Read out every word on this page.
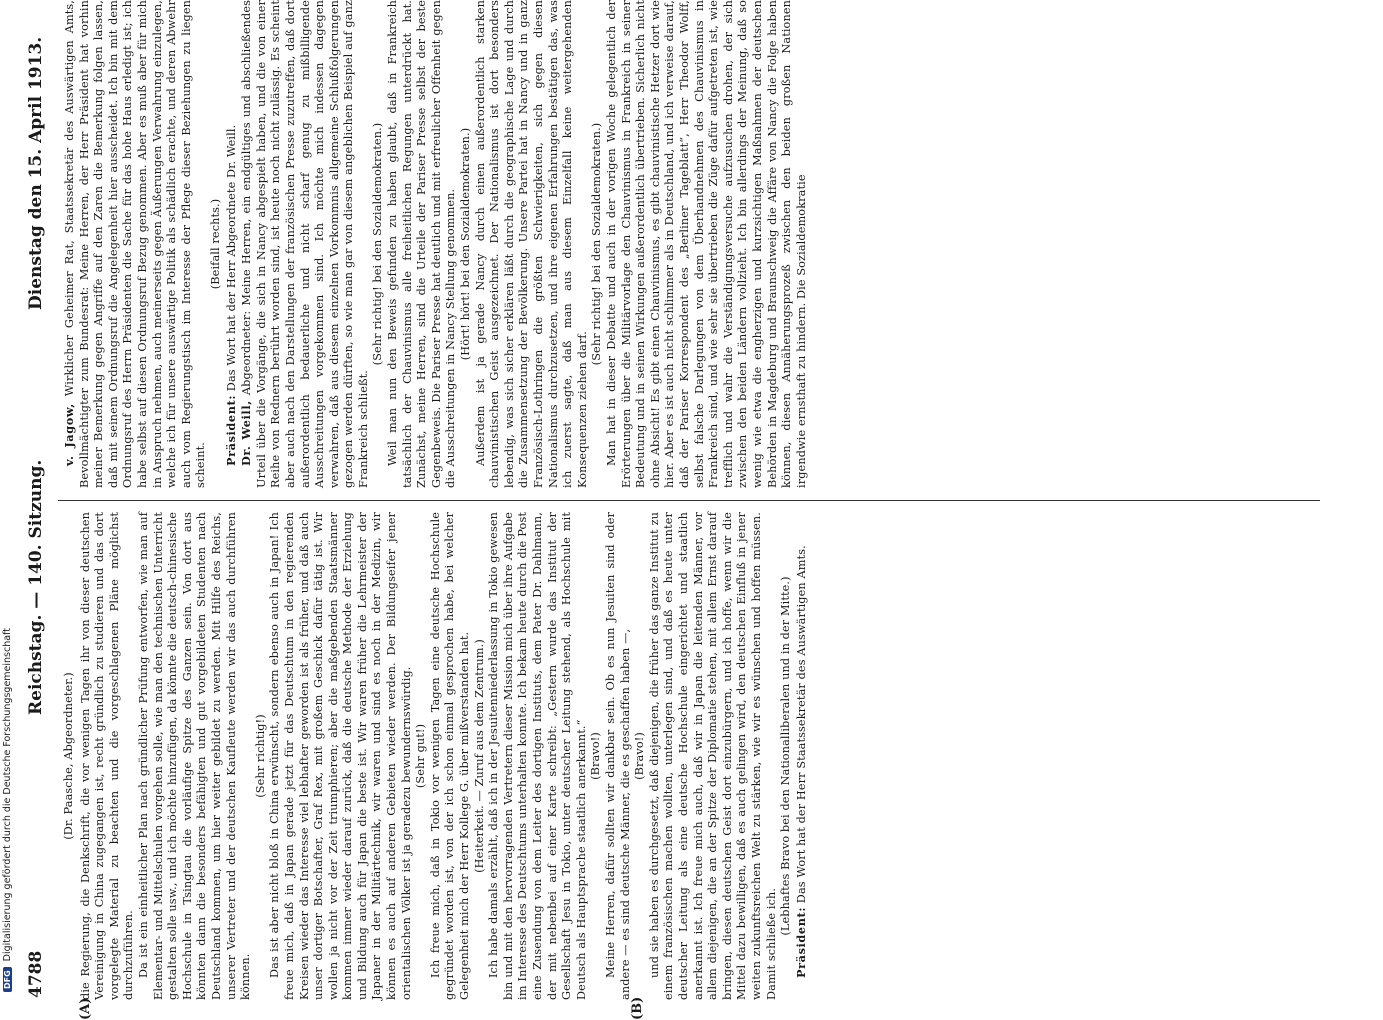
DFGDigitalisierung gefördert durch die Deutsche Forschungsgemeinschaft
4788
Reichstag. — 140. Sitzung.
Dienstag den 15. April 1913.
(A)	(B)

(Dr. Paasche, Abgeordneter.) die Regierung, die Denkschrift, die vor wenigen Tagen ihr von dieser deutschen Vereinigung in China zugegangen ist, recht gründlich zu studieren und das dort vorgelegte Material zu beachten und die vorgeschlagenen Pläne möglichst durchzuführen. Da ist ein einheitlicher Plan nach gründlicher Prüfung entworfen, wie man auf Elementar- und Mittelschulen vorgehen solle, wie man den technischen Unterricht gestalten solle usw., und ich möchte hinzufügen, da könnte die deutsch-chinesische Hochschule in Tsingtau die vorläufige Spitze des Ganzen sein. Von dort aus könnten dann die besonders befähigten und gut vorgebildeten Studenten nach Deutschland kommen, um hier weiter gebildet zu werden. Mit Hilfe des Reichs, unserer Vertreter und der deutschen Kaufleute werden wir das auch durchführen können.

(Sehr richtig!) Das ist aber nicht bloß in China erwünscht, sondern ebenso auch in Japan! Ich freue mich, daß in Japan gerade jetzt für das Deutschtum in den regierenden Kreisen wieder das Interesse viel lebhafter geworden ist als früher, und daß auch unser dortiger Botschafter, Graf Rex, mit großem Geschick dafür tätig ist. Wir wollen ja nicht vor der Zeit triumphieren; aber die maßgebenden Staatsmänner kommen immer wieder darauf zurück, daß die deutsche Methode der Erziehung und Bildung auch für Japan die beste ist. Wir waren früher die Lehrmeister der Japaner in der Militärtechnik, wir waren und sind es noch in der Medizin, wir können es auch auf anderen Gebieten wieder werden. Der Bildungseifer jener orientalischen Völker ist ja geradezu bewundernswürdig. (Sehr gut!) Ich freue mich, daß in Tokio vor wenigen Tagen eine deutsche Hochschule gegründet worden ist, von der ich schon einmal gesprochen habe, bei welcher Gelegenheit mich der Herr Kollege G. über mißverstanden hat. (Heiterkeit. — Zuruf aus dem Zentrum.) Ich habe damals erzählt, daß ich in der Jesuitenniederlassung in Tokio gewesen bin und mit den hervorragenden Vertretern dieser Mission mich über ihre Aufgabe im Interesse des Deutschtums unterhalten konnte. Ich bekam heute durch die Post eine Zusendung von dem Leiter des dortigen Instituts, dem Pater Dr. Dahlmann, der mit nebenbei auf einer Karte schreibt: „Gestern wurde das Institut der Gesellschaft Jesu in Tokio, unter deutscher Leitung stehend, als Hochschule mit Deutsch als Hauptsprache staatlich anerkannt.“ (Bravo!) Meine Herren, dafür sollten wir dankbar sein. Ob es nun Jesuiten sind oder andere — es sind deutsche Männer, die es geschaffen haben —, (Bravo!) und sie haben es durchgesetzt, daß diejenigen, die früher das ganze Institut zu einem französischen machen wollten, unterlegen sind, und daß es heute unter deutscher Leitung als eine deutsche Hochschule eingerichtet und staatlich anerkannt ist. Ich freue mich auch, daß wir in Japan die leitenden Männer, vor allem diejenigen, die an der Spitze der Diplomatie stehen, mit allem Ernst darauf bringen, diesen deutschen Geist dort einzubürgern, und ich hoffe, wenn wir die Mittel dazu bewilligen, daß es auch gelingen wird, den deutschen Einfluß in jener weiten zukunftsreichen Welt zu stärken, wie wir es wünschen und hoffen müssen. Damit schließe ich.

(Lebhaftes Bravo bei den Nationalliberalen und in der Mitte.)

Präsident: Das Wort hat der Herr Staatssekretär des Auswärtigen Amts.

v. Jagow, Wirklicher Geheimer Rat, Staatssekretär des Auswärtigen Amts, Bevollmächtigter zum Bundesrat: Meine Herren, der Herr Präsident hat vorhin meiner Bemerkung gegen Angriffe auf den Zaren die Bemerkung folgen lassen, daß mit seinem Ordnungsruf die Angelegenheit hier ausscheidet. Ich bin mit dem Ordnungsruf des Herrn Präsidenten die Sache für das hohe Haus erledigt ist; ich habe selbst auf diesen Ordnungsruf Bezug genommen. Aber es muß aber für mich in Anspruch nehmen, auch meinerseits gegen Äußerungen Verwahrung einzulegen, welche ich für unsere auswärtige Politik als schädlich erachte, und deren Abwehr auch vom Regierungstisch im Interesse der Pflege dieser Beziehungen zu liegen scheint.

(Beifall rechts.)

Präsident: Das Wort hat der Herr Abgeordnete Dr. Weill.

Dr. Weill, Abgeordneter: Meine Herren, ein endgültiges und abschließendes Urteil über die Vorgänge, die sich in Nancy abgespielt haben, und die von einer Reihe von Rednern berührt worden sind, ist heute noch nicht zulässig. Es scheint aber auch nach den Darstellungen der französischen Presse zuzutreffen, daß dort außerordentlich bedauerliche und nicht scharf genug zu mißbilligende Ausschreitungen vorgekommen sind. Ich möchte mich indessen dagegen verwahren, daß aus diesem einzelnen Vorkommnis allgemeine Schlußfolgerungen gezogen werden dürften, so wie man gar von diesem angeblichen Beispiel auf ganz Frankreich schließt.

(Sehr richtig! bei den Sozialdemokraten.) Weil man nun den Beweis gefunden zu haben glaubt, daß in Frankreich tatsächlich der Chauvinismus alle freiheitlichen Regungen unterdrückt hat. Zunächst, meine Herren, sind die Urteile der Pariser Presse selbst der beste Gegenbeweis. Die Pariser Presse hat deutlich und mit erfreulicher Offenheit gegen die Ausschreitungen in Nancy Stellung genommen. (Hört! hört! bei den Sozialdemokraten.) Außerdem ist ja gerade Nancy durch einen außerordentlich starken chauvinistischen Geist ausgezeichnet. Der Nationalismus ist dort besonders lebendig, was sich sicher erklären läßt durch die geographische Lage und durch die Zusammensetzung der Bevölkerung. Unsere Partei hat in Nancy und in ganz Französisch-Lothringen die größten Schwierigkeiten, sich gegen diesen Nationalismus durchzusetzen, und ihre eigenen Erfahrungen bestätigen das, was ich zuerst sagte, daß man aus diesem Einzelfall keine weitergehenden Konsequenzen ziehen darf.

(Sehr richtig! bei den Sozialdemokraten.) Man hat in dieser Debatte und auch in der vorigen Woche gelegentlich der Erörterungen über die Militärvorlage den Chauvinismus in Frankreich in seiner Bedeutung und in seinen Wirkungen außerordentlich übertrieben. Sicherlich nicht ohne Absicht! Es gibt einen Chauvinismus, es gibt chauvinistische Hetzer dort wie hier. Aber es ist auch nicht schlimmer als in Deutschland, und ich verweise darauf, daß der Pariser Korrespondent des „Berliner Tageblatt“, Herr Theodor Wolff, selbst falsche Darlegungen von dem Überhandnehmen des Chauvinismus in Frankreich sind, und wie sehr sie übertrieben die Züge dafür aufgetreten ist, wie trefflich und wahr die Verständigungsversuche aufzusuchen drohen, der sich zwischen den beiden Ländern vollzieht. Ich bin allerdings der Meinung, daß so wenig wie etwa die engherzigen und kurzsichtigen Maßnahmen der deutschen Behörden in Magdeburg und Braunschweig die Affäre von Nancy die Folge haben können, diesen Annäherungsprozeß zwischen den beiden großen Nationen irgendwie ernsthaft zu hindern. Die Sozialdemokratie
